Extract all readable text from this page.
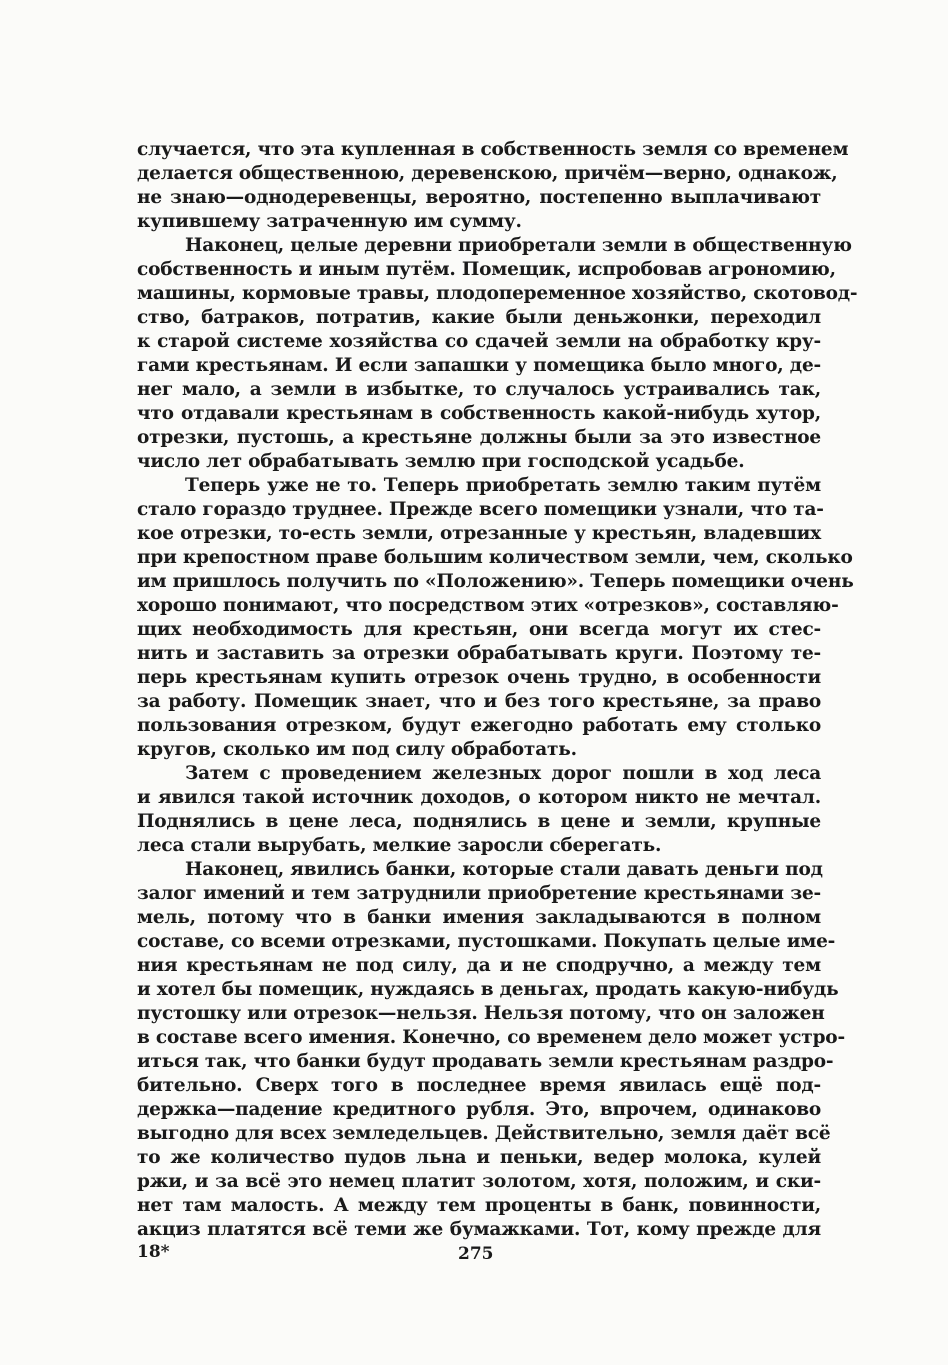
случается, что эта купленная в собственность земля со временем
делается общественною, деревенскою, причём—верно, однакож,
не знаю—однодеревенцы, вероятно, постепенно выплачивают
купившему затраченную им сумму.
Наконец, целые деревни приобретали земли в общественную
собственность и иным путём. Помещик, испробовав агрономию,
машины, кормовые травы, плодопеременное хозяйство, скотовод-
ство, батраков, потратив, какие были деньжонки, переходил
к старой системе хозяйства со сдачей земли на обработку кру-
гами крестьянам. И если запашки у помещика было много, де-
нег мало, а земли в избытке, то случалось устраивались так,
что отдавали крестьянам в собственность какой-нибудь хутор,
отрезки, пустошь, а крестьяне должны были за это известное
число лет обрабатывать землю при господской усадьбе.
Теперь уже не то. Теперь приобретать землю таким путём
стало гораздо труднее. Прежде всего помещики узнали, что та-
кое отрезки, то-есть земли, отрезанные у крестьян, владевших
при крепостном праве большим количеством земли, чем, сколько
им пришлось получить по «Положению». Теперь помещики очень
хорошо понимают, что посредством этих «отрезков», составляю-
щих необходимость для крестьян, они всегда могут их стес-
нить и заставить за отрезки обрабатывать круги. Поэтому те-
перь крестьянам купить отрезок очень трудно, в особенности
за работу. Помещик знает, что и без того крестьяне, за право
пользования отрезком, будут ежегодно работать ему столько
кругов, сколько им под силу обработать.
Затем с проведением железных дорог пошли в ход леса
и явился такой источник доходов, о котором никто не мечтал.
Поднялись в цене леса, поднялись в цене и земли, крупные
леса стали вырубать, мелкие заросли сберегать.
Наконец, явились банки, которые стали давать деньги под
залог имений и тем затруднили приобретение крестьянами зе-
мель, потому что в банки имения закладываются в полном
составе, со всеми отрезками, пустошками. Покупать целые име-
ния крестьянам не под силу, да и не сподручно, а между тем
и хотел бы помещик, нуждаясь в деньгах, продать какую-нибудь
пустошку или отрезок—нельзя. Нельзя потому, что он заложен
в составе всего имения. Конечно, со временем дело может устро-
иться так, что банки будут продавать земли крестьянам раздро-
бительно. Сверх того в последнее время явилась ещё под-
держка—падение кредитного рубля. Это, впрочем, одинаково
выгодно для всех земледельцев. Действительно, земля даёт всё
то же количество пудов льна и пеньки, ведер молока, кулей
ржи, и за всё это немец платит золотом, хотя, положим, и ски-
нет там малость. А между тем проценты в банк, повинности,
акциз платятся всё теми же бумажками. Тот, кому прежде для
18*	275
